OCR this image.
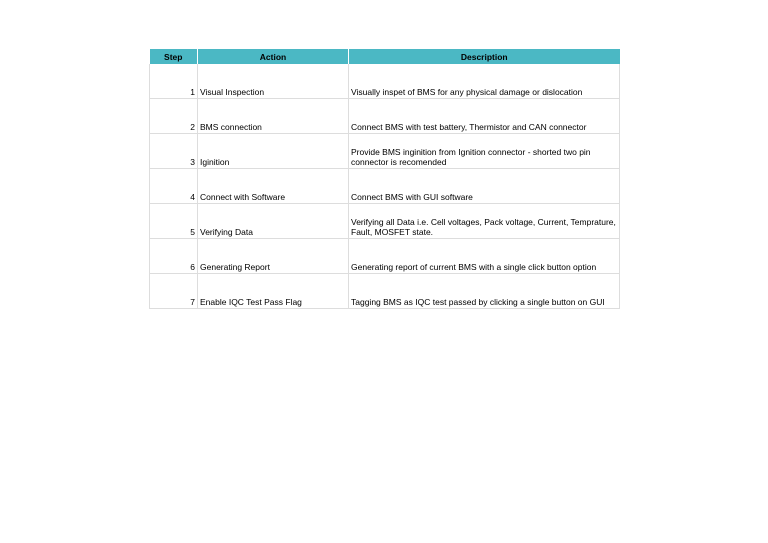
Step	Action	Description
1	Visual Inspection	Visually inspet of BMS for any physical damage or dislocation
2	BMS connection	Connect BMS with test battery, Thermistor and CAN connector
3	Iginition	Provide BMS inginition from Ignition connector - shorted two pin connector is recomended
4	Connect with Software	Connect BMS with GUI software
5	Verifying Data	Verifying all Data i.e. Cell voltages, Pack voltage, Current, Temprature, Fault, MOSFET state.
6	Generating Report	Generating report of current BMS with a single click button option
7	Enable IQC Test Pass Flag	Tagging BMS as IQC test passed by clicking a single button on GUI
